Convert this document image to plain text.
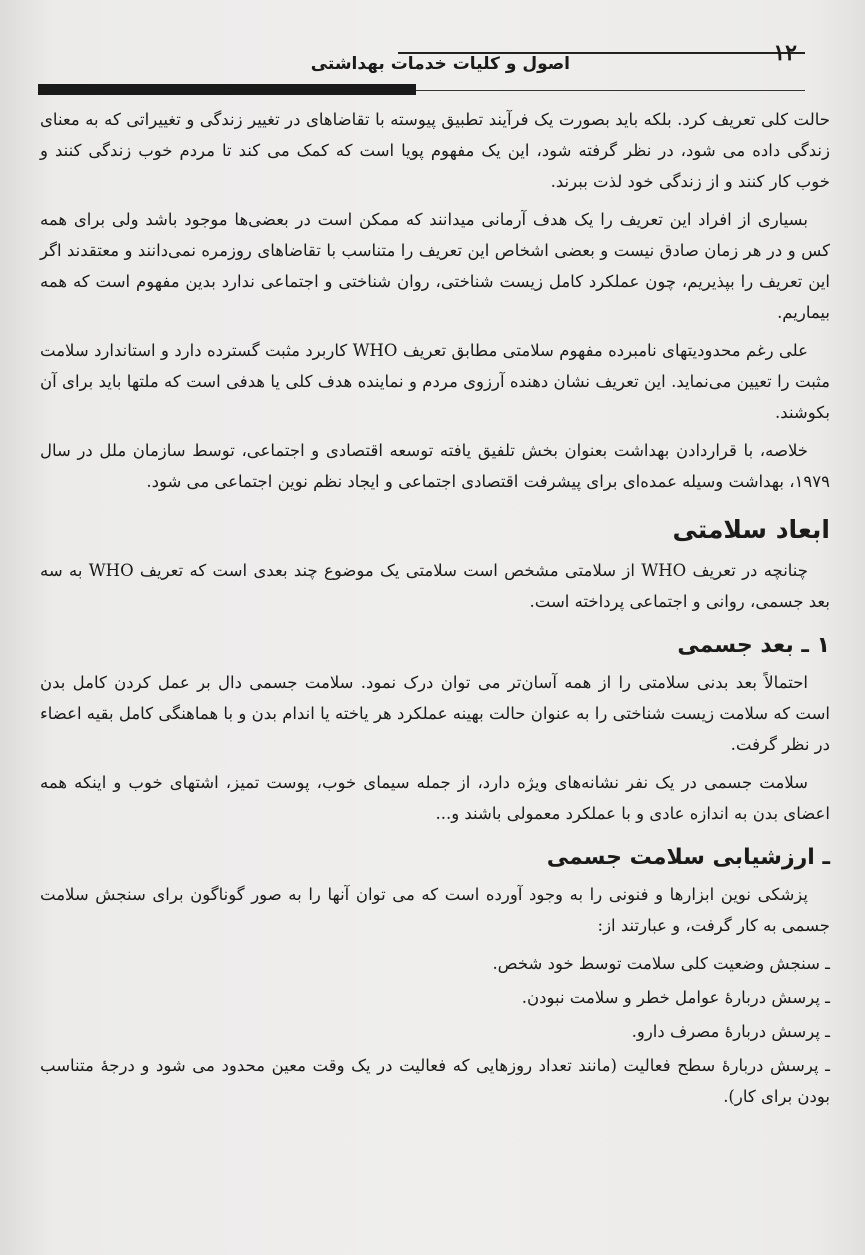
۱۲
اصول و کلیات خدمات بهداشتی

حالت کلی تعریف کرد. بلکه باید بصورت یک فرآیند تطبیق پیوسته با تقاضاهای در تغییر زندگی و تغییراتی که به معنای زندگی داده می شود، در نظر گرفته شود، این یک مفهوم پویا است که کمک می کند تا مردم خوب زندگی کنند و خوب کار کنند و از زندگی خود لذت ببرند.

بسیاری از افراد این تعریف را یک هدف آرمانی میدانند که ممکن است در بعضی‌ها موجود باشد ولی برای همه کس و در هر زمان صادق نیست و بعضی اشخاص این تعریف را متناسب با تقاضاهای روزمره نمی‌دانند و معتقدند اگر این تعریف را بپذیریم، چون عملکرد کامل زیست شناختی، روان شناختی و اجتماعی ندارد بدین مفهوم است که همه بیماریم.

علی رغم محدودیتهای نامبرده مفهوم سلامتی مطابق تعریف WHO کاربرد مثبت گسترده دارد و استاندارد سلامت مثبت را تعیین می‌نماید. این تعریف نشان دهنده آرزوی مردم و نماینده هدف کلی یا هدفی است که ملتها باید برای آن بکوشند.

خلاصه، با قراردادن بهداشت بعنوان بخش تلفیق یافته توسعه اقتصادی و اجتماعی، توسط سازمان ملل در سال ۱۹۷۹، بهداشت وسیله عمده‌ای برای پیشرفت اقتصادی اجتماعی و ایجاد نظم نوین اجتماعی می شود.

ابعاد سلامتی

چنانچه در تعریف WHO از سلامتی مشخص است سلامتی یک موضوع چند بعدی است که تعریف WHO به سه بعد جسمی، روانی و اجتماعی پرداخته است.

۱ ـ بعد جسمی

احتمالاً بعد بدنی سلامتی را از همه آسان‌تر می توان درک نمود. سلامت جسمی دال بر عمل کردن کامل بدن است که سلامت زیست شناختی را به عنوان حالت بهینه عملکرد هر یاخته یا اندام بدن و با هماهنگی کامل بقیه اعضاء در نظر گرفت.

سلامت جسمی در یک نفر نشانه‌های ویژه دارد، از جمله سیمای خوب، پوست تمیز، اشتهای خوب و اینکه همه اعضای بدن به اندازه عادی و با عملکرد معمولی باشند و...

ـ ارزشیابی سلامت جسمی

پزشکی نوین ابزارها و فنونی را به وجود آورده است که می توان آنها را به صور گوناگون برای سنجش سلامت جسمی به کار گرفت، و عبارتند از:

ـ سنجش وضعیت کلی سلامت توسط خود شخص.
ـ پرسش دربارهٔ عوامل خطر و سلامت نبودن.
ـ پرسش دربارهٔ مصرف دارو.
ـ پرسش دربارهٔ سطح فعالیت (مانند تعداد روزهایی که فعالیت در یک وقت معین محدود می شود و درجهٔ متناسب بودن برای کار).
